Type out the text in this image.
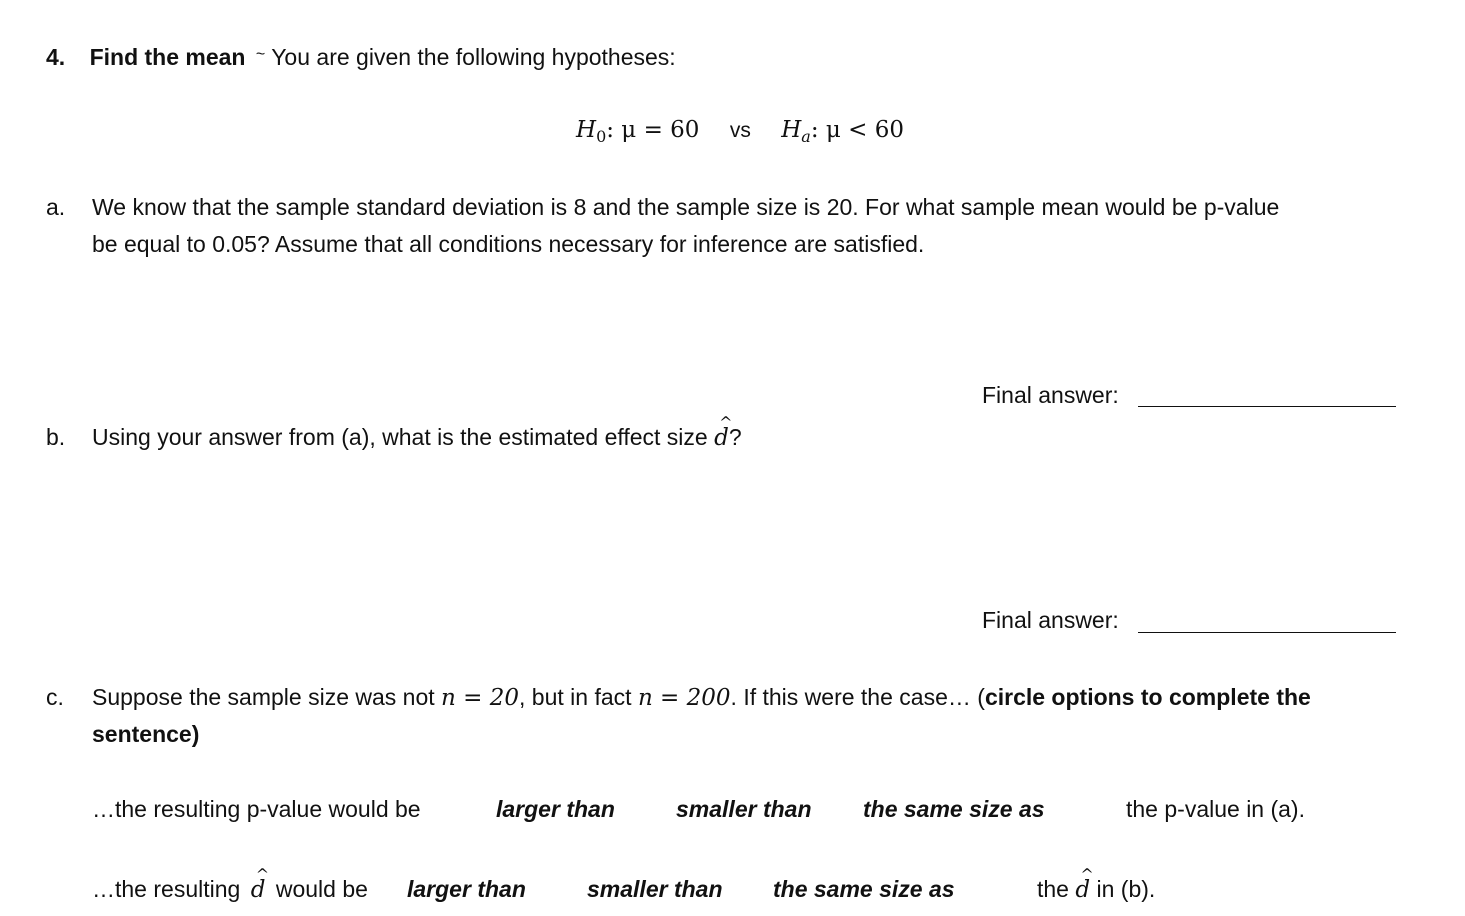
4. Find the mean ~ You are given the following hypotheses:
$H_0$: μ = 60 vs $H_a$: μ < 60
a. We know that the sample standard deviation is 8 and the sample size is 20. For what sample mean would be p-value
be equal to 0.05? Assume that all conditions necessary for inference are satisfied.
Final answer:
b. Using your answer from (a), what is the estimated effect size ^ d?
Final answer:
c. Suppose the sample size was not n = 20, but in fact n = 200. If this were the case… (circle options to complete the
sentence)
…the resulting p-value would be	larger than	smaller than the same size as	the p-value in (a).
…the resulting ^ d would be larger than	smaller than the same size as	the ^ d in (b).
